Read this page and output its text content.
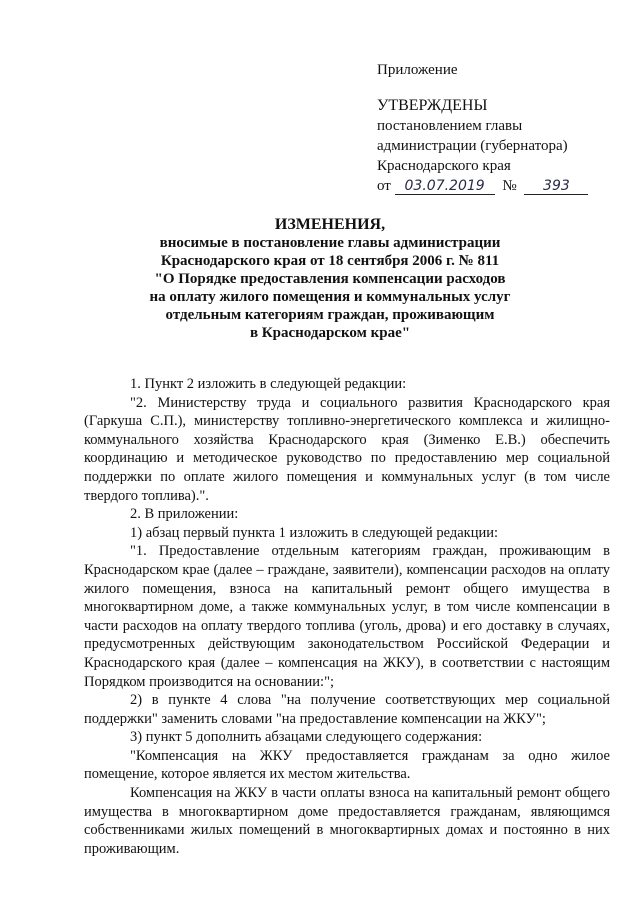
Приложение
УТВЕРЖДЕНЫ
постановлением главы
администрации (губернатора)
Краснодарского края
от 03.07.2019 № 393
ИЗМЕНЕНИЯ,
вносимые в постановление главы администрации
Краснодарского края от 18 сентября 2006 г. № 811
"О Порядке предоставления компенсации расходов
на оплату жилого помещения и коммунальных услуг
отдельным категориям граждан, проживающим
в Краснодарском крае"

1. Пункт 2 изложить в следующей редакции:

"2. Министерству труда и социального развития Краснодарского края (Гаркуша С.П.), министерству топливно-энергетического комплекса и жилищно-коммунального хозяйства Краснодарского края (Зименко Е.В.) обеспечить координацию и методическое руководство по предоставлению мер социальной поддержки по оплате жилого помещения и коммунальных услуг (в том числе твердого топлива).".

2. В приложении:

1) абзац первый пункта 1 изложить в следующей редакции:

"1. Предоставление отдельным категориям граждан, проживающим в Краснодарском крае (далее – граждане, заявители), компенсации расходов на оплату жилого помещения, взноса на капитальный ремонт общего имущества в многоквартирном доме, а также коммунальных услуг, в том числе компенсации в части расходов на оплату твердого топлива (уголь, дрова) и его доставку в случаях, предусмотренных действующим законодательством Российской Федерации и Краснодарского края (далее – компенсация на ЖКУ), в соответствии с настоящим Порядком производится на основании:";

2) в пункте 4 слова "на получение соответствующих мер социальной поддержки" заменить словами "на предоставление компенсации на ЖКУ";

3) пункт 5 дополнить абзацами следующего содержания:

"Компенсация на ЖКУ предоставляется гражданам за одно жилое помещение, которое является их местом жительства.

Компенсация на ЖКУ в части оплаты взноса на капитальный ремонт общего имущества в многоквартирном доме предоставляется гражданам, являющимся собственниками жилых помещений в многоквартирных домах и постоянно в них проживающим.
